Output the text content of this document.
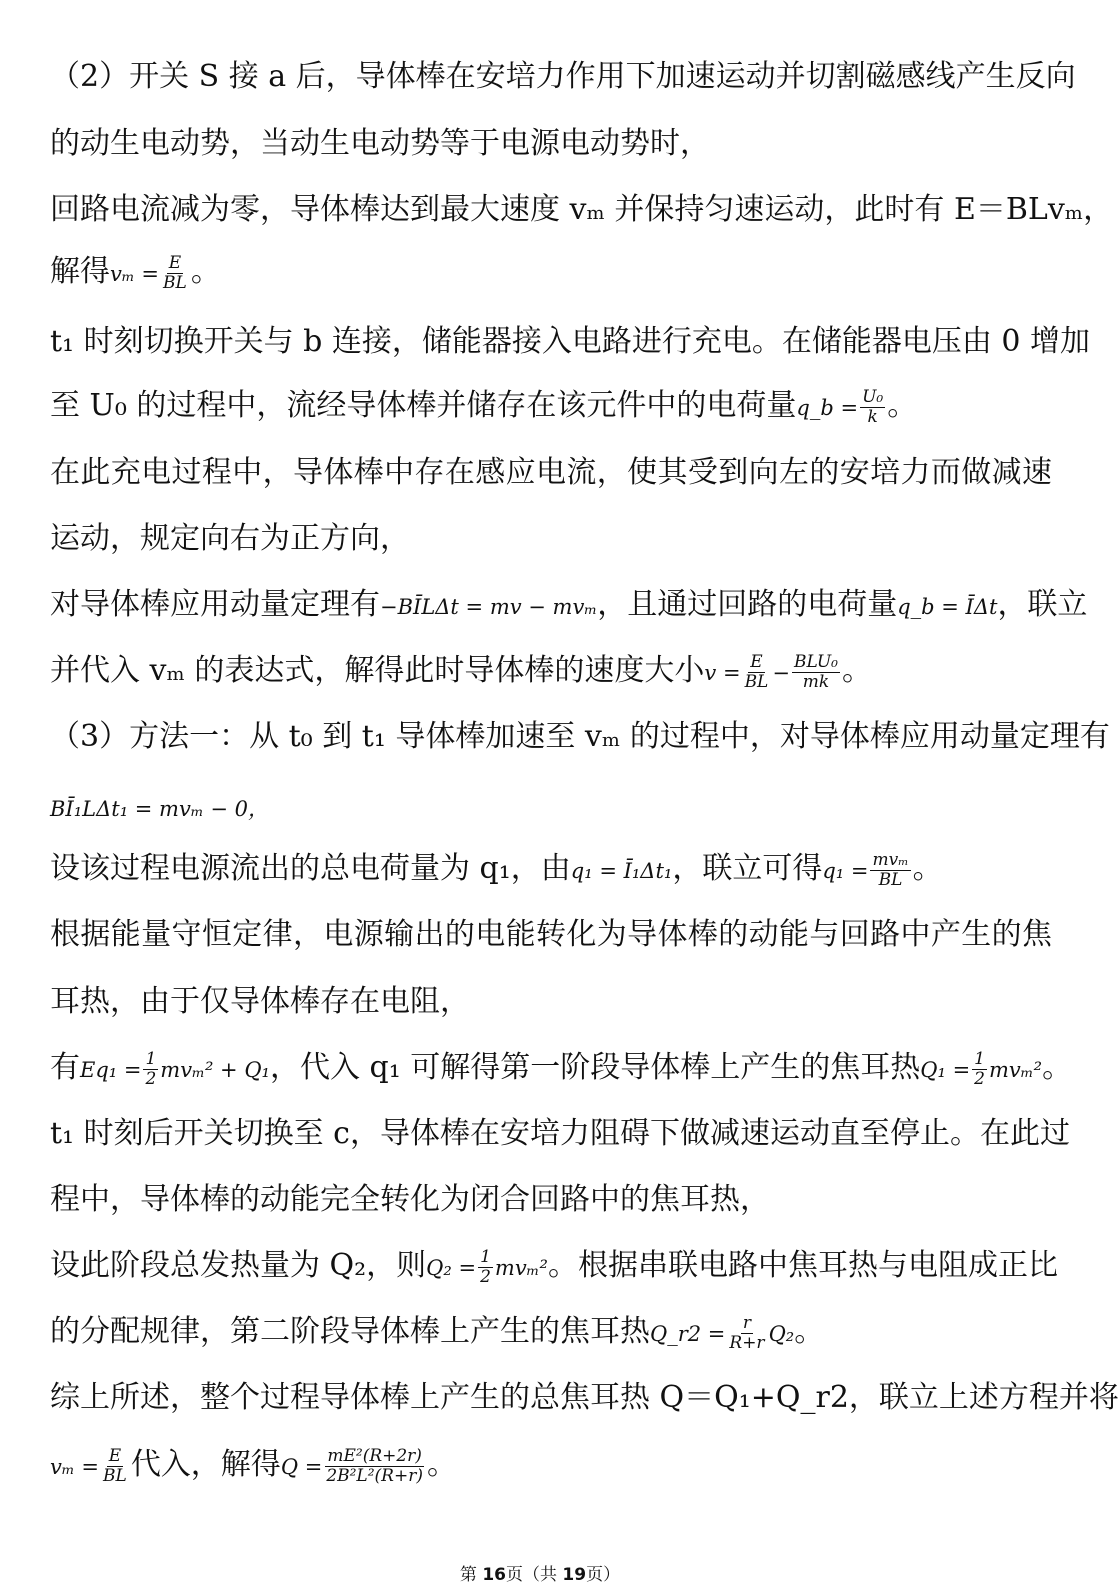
（2）开关 S 接 a 后，导体棒在安培力作用下加速运动并切割磁感线产生反向
的动生电动势，当动生电动势等于电源电动势时，
回路电流减为零，导体棒达到最大速度 vₘ 并保持匀速运动，此时有 E＝BLvₘ，
解得$v_m = \frac{E}{BL}$ 。
t₁ 时刻切换开关与 b 连接，储能器接入电路进行充电。在储能器电压由 0 增加
至 U₀ 的过程中，流经导体棒并储存在该元件中的电荷量q_b = $\frac{\text{U₀}}{k}$ 。
在此充电过程中，导体棒中存在感应电流，使其受到向左的安培力而做减速
运动，规定向右为正方向，
对导体棒应用动量定理有−BĪLΔt = mv − mvₘ，且通过回路的电荷量q_b = ĪΔt，联立
并代入 vₘ 的表达式，解得此时导体棒的速度大小$v = \frac{E}{BL} - \frac{\text{BLU₀}}{mk}$ 。
（3）方法一：从 t₀ 到 t₁ 导体棒加速至 vₘ 的过程中，对导体棒应用动量定理有
BĪ₁LΔt₁ = mvₘ − 0，
设该过程电源流出的总电荷量为 q₁，由q₁ = Ī₁Δt₁，联立可得$q_1 = \frac{\text{mvₘ}}{BL}$ 。
根据能量守恒定律，电源输出的电能转化为导体棒的动能与回路中产生的焦
耳热，由于仅导体棒存在电阻，
有$Eq_1 = \frac{1}{2} mv_m^2 + Q_1$，代入 q₁ 可解得第一阶段导体棒上产生的焦耳热$Q_1 = \frac{1}{2} mv_m^2$。
t₁ 时刻后开关切换至 c，导体棒在安培力阻碍下做减速运动直至停止。在此过
程中，导体棒的动能完全转化为闭合回路中的焦耳热，
设此阶段总发热量为 Q₂，则$Q_2 = \frac{1}{2} mv_m^2$。根据串联电路中焦耳热与电阻成正比
的分配规律，第二阶段导体棒上产生的焦耳热Q_r2 = $\frac{r}{R+r} Q_2$。
综上所述，整个过程导体棒上产生的总焦耳热 Q＝Q₁+Q_r2，联立上述方程并将
$v_m = \frac{E}{BL}$ 代入，解得$Q = \frac{\text{mE²(R+2r)}}{\text{2B²L²(R+r)}}$ 。
第 16页（共 19页）
